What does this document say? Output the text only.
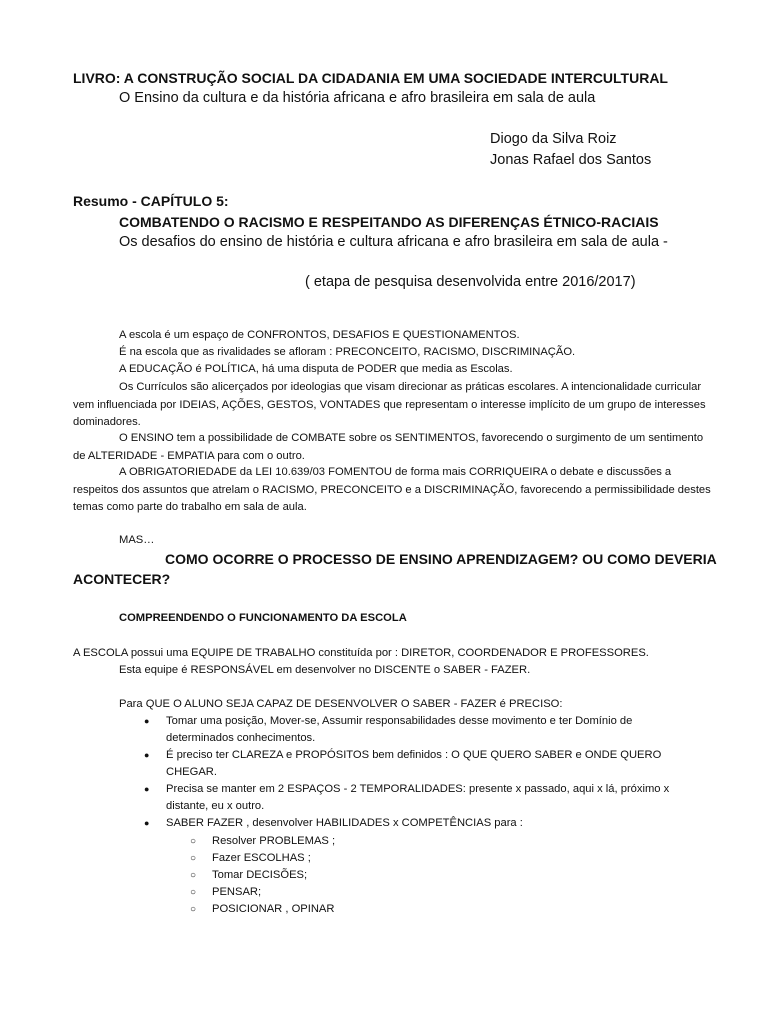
LIVRO: A CONSTRUÇÃO SOCIAL DA CIDADANIA EM UMA SOCIEDADE INTERCULTURAL
O Ensino da cultura e da história africana e afro brasileira em sala de aula
Diogo da Silva Roiz
Jonas Rafael dos Santos
Resumo - CAPÍTULO 5:
COMBATENDO O RACISMO E RESPEITANDO AS DIFERENÇAS ÉTNICO-RACIAIS
Os desafios do ensino de história e cultura africana e afro brasileira em sala de aula -
( etapa de pesquisa desenvolvida entre 2016/2017)
A escola é um espaço de CONFRONTOS, DESAFIOS E QUESTIONAMENTOS.
É na escola que as rivalidades se afloram : PRECONCEITO, RACISMO, DISCRIMINAÇÃO.
A EDUCAÇÃO é POLÍTICA, há uma disputa de PODER que media as Escolas.
Os Currículos são alicerçados por ideologias que visam direcionar as práticas escolares. A intencionalidade curricular vem influenciada por IDEIAS, AÇÕES, GESTOS, VONTADES que representam o interesse implícito de um grupo de interesses dominadores.
O ENSINO tem a possibilidade de COMBATE sobre os SENTIMENTOS, favorecendo o surgimento de um sentimento de ALTERIDADE - EMPATIA para com o outro.
A OBRIGATORIEDADE da LEI 10.639/03 FOMENTOU de forma mais CORRIQUEIRA o debate e discussões a respeitos dos assuntos que atrelam o RACISMO, PRECONCEITO e a DISCRIMINAÇÃO, favorecendo a permissibilidade destes temas como parte do trabalho em sala de aula.
MAS…
COMO OCORRE O PROCESSO DE ENSINO APRENDIZAGEM? OU COMO DEVERIA
ACONTECER?
COMPREENDENDO O FUNCIONAMENTO DA ESCOLA
A ESCOLA possui uma EQUIPE DE TRABALHO constituída por : DIRETOR, COORDENADOR E PROFESSORES.
Esta equipe é RESPONSÁVEL em desenvolver no DISCENTE o SABER - FAZER.
Para QUE O ALUNO SEJA CAPAZ DE DESENVOLVER O SABER - FAZER é PRECISO:
● Tomar uma posição, Mover-se, Assumir responsabilidades desse movimento e ter Domínio de
determinados conhecimentos.
● É preciso ter CLAREZA e PROPÓSITOS bem definidos : O QUE QUERO SABER e ONDE QUERO
CHEGAR.
● Precisa se manter em 2 ESPAÇOS - 2 TEMPORALIDADES: presente x passado, aqui x lá, próximo x
distante, eu x outro.
● SABER FAZER , desenvolver HABILIDADES x COMPETÊNCIAS para :
○ Resolver PROBLEMAS ;
○ Fazer ESCOLHAS ;
○ Tomar DECISÕES;
○ PENSAR;
○ POSICIONAR , OPINAR
